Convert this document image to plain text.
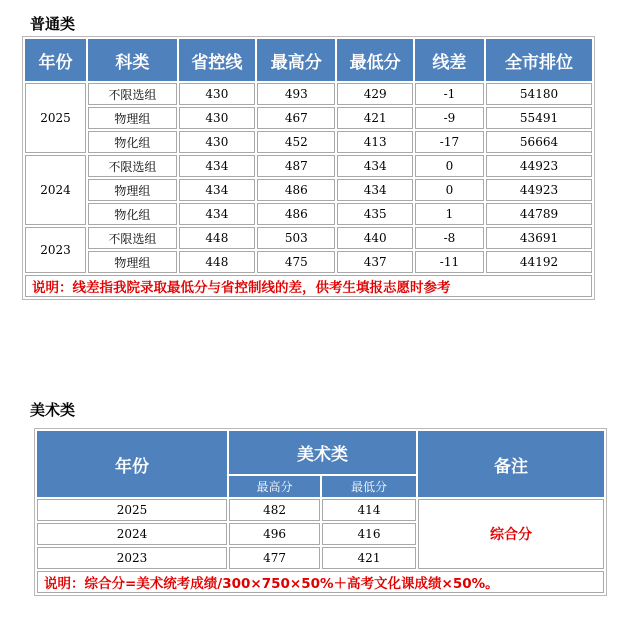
普通类
年份	科类	省控线	最高分	最低分	线差	全市排位
2025	不限选组	430	493	429	-1	54180
	物理组	430	467	421	-9	55491
	物化组	430	452	413	-17	56664
2024	不限选组	434	487	434	0	44923
	物理组	434	486	434	0	44923
	物化组	434	486	435	1	44789
2023	不限选组	448	503	440	-8	43691
	物理组	448	475	437	-11	44192
说明：线差指我院录取最低分与省控制线的差，供考生填报志愿时参考						
美术类
年份	美术类		备注
	最高分	最低分	
2025	482	414	综合分
2024	496	416	
2023	477	421	
说明：综合分=美术统考成绩/300×750×50%＋高考文化课成绩×50%。			
